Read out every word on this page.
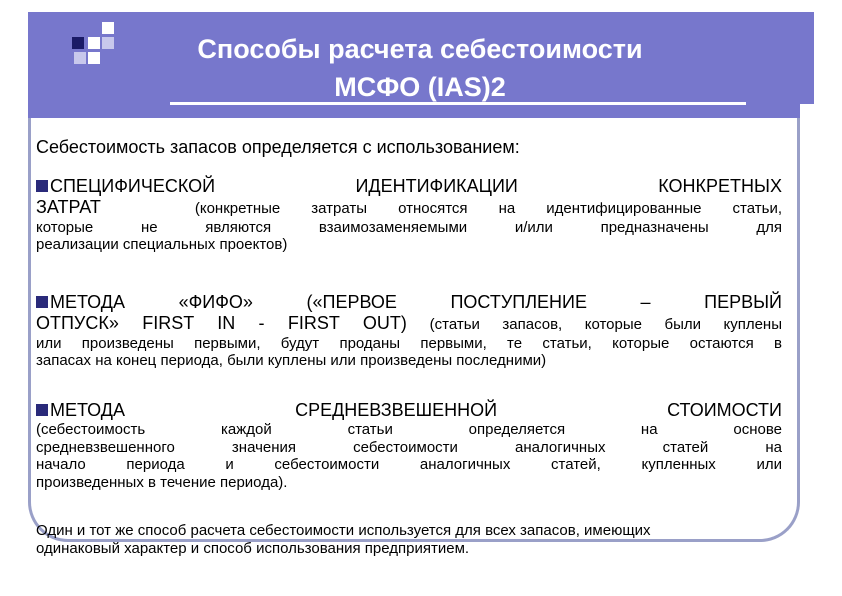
Способы расчета себестоимости
МСФО (IAS)2
Себестоимость запасов определяется с использованием:
СПЕЦИФИЧЕСКОЙ ИДЕНТИФИКАЦИИ КОНКРЕТНЫХ
ЗАТРАТ	(конкретные затраты относятся на идентифицированные статьи,
которые не являются взаимозаменяемыми и/или предназначены для
реализации специальных проектов)
МЕТОДА «ФИФО» («ПЕРВОЕ ПОСТУПЛЕНИЕ – ПЕРВЫЙ
ОТПУСК» FIRST IN - FIRST OUT) (статьи запасов, которые были куплены
или произведены первыми, будут проданы первыми, те статьи, которые остаются в
запасах на конец периода, были куплены или произведены последними)
МЕТОДА СРЕДНЕВЗВЕШЕННОЙ СТОИМОСТИ
(себестоимость каждой статьи определяется на основе
средневзвешенного значения себестоимости аналогичных статей на
начало периода и себестоимости аналогичных статей, купленных или
произведенных в течение периода).
Один и тот же способ расчета себестоимости используется для всех запасов, имеющих
одинаковый характер и способ использования предприятием.
